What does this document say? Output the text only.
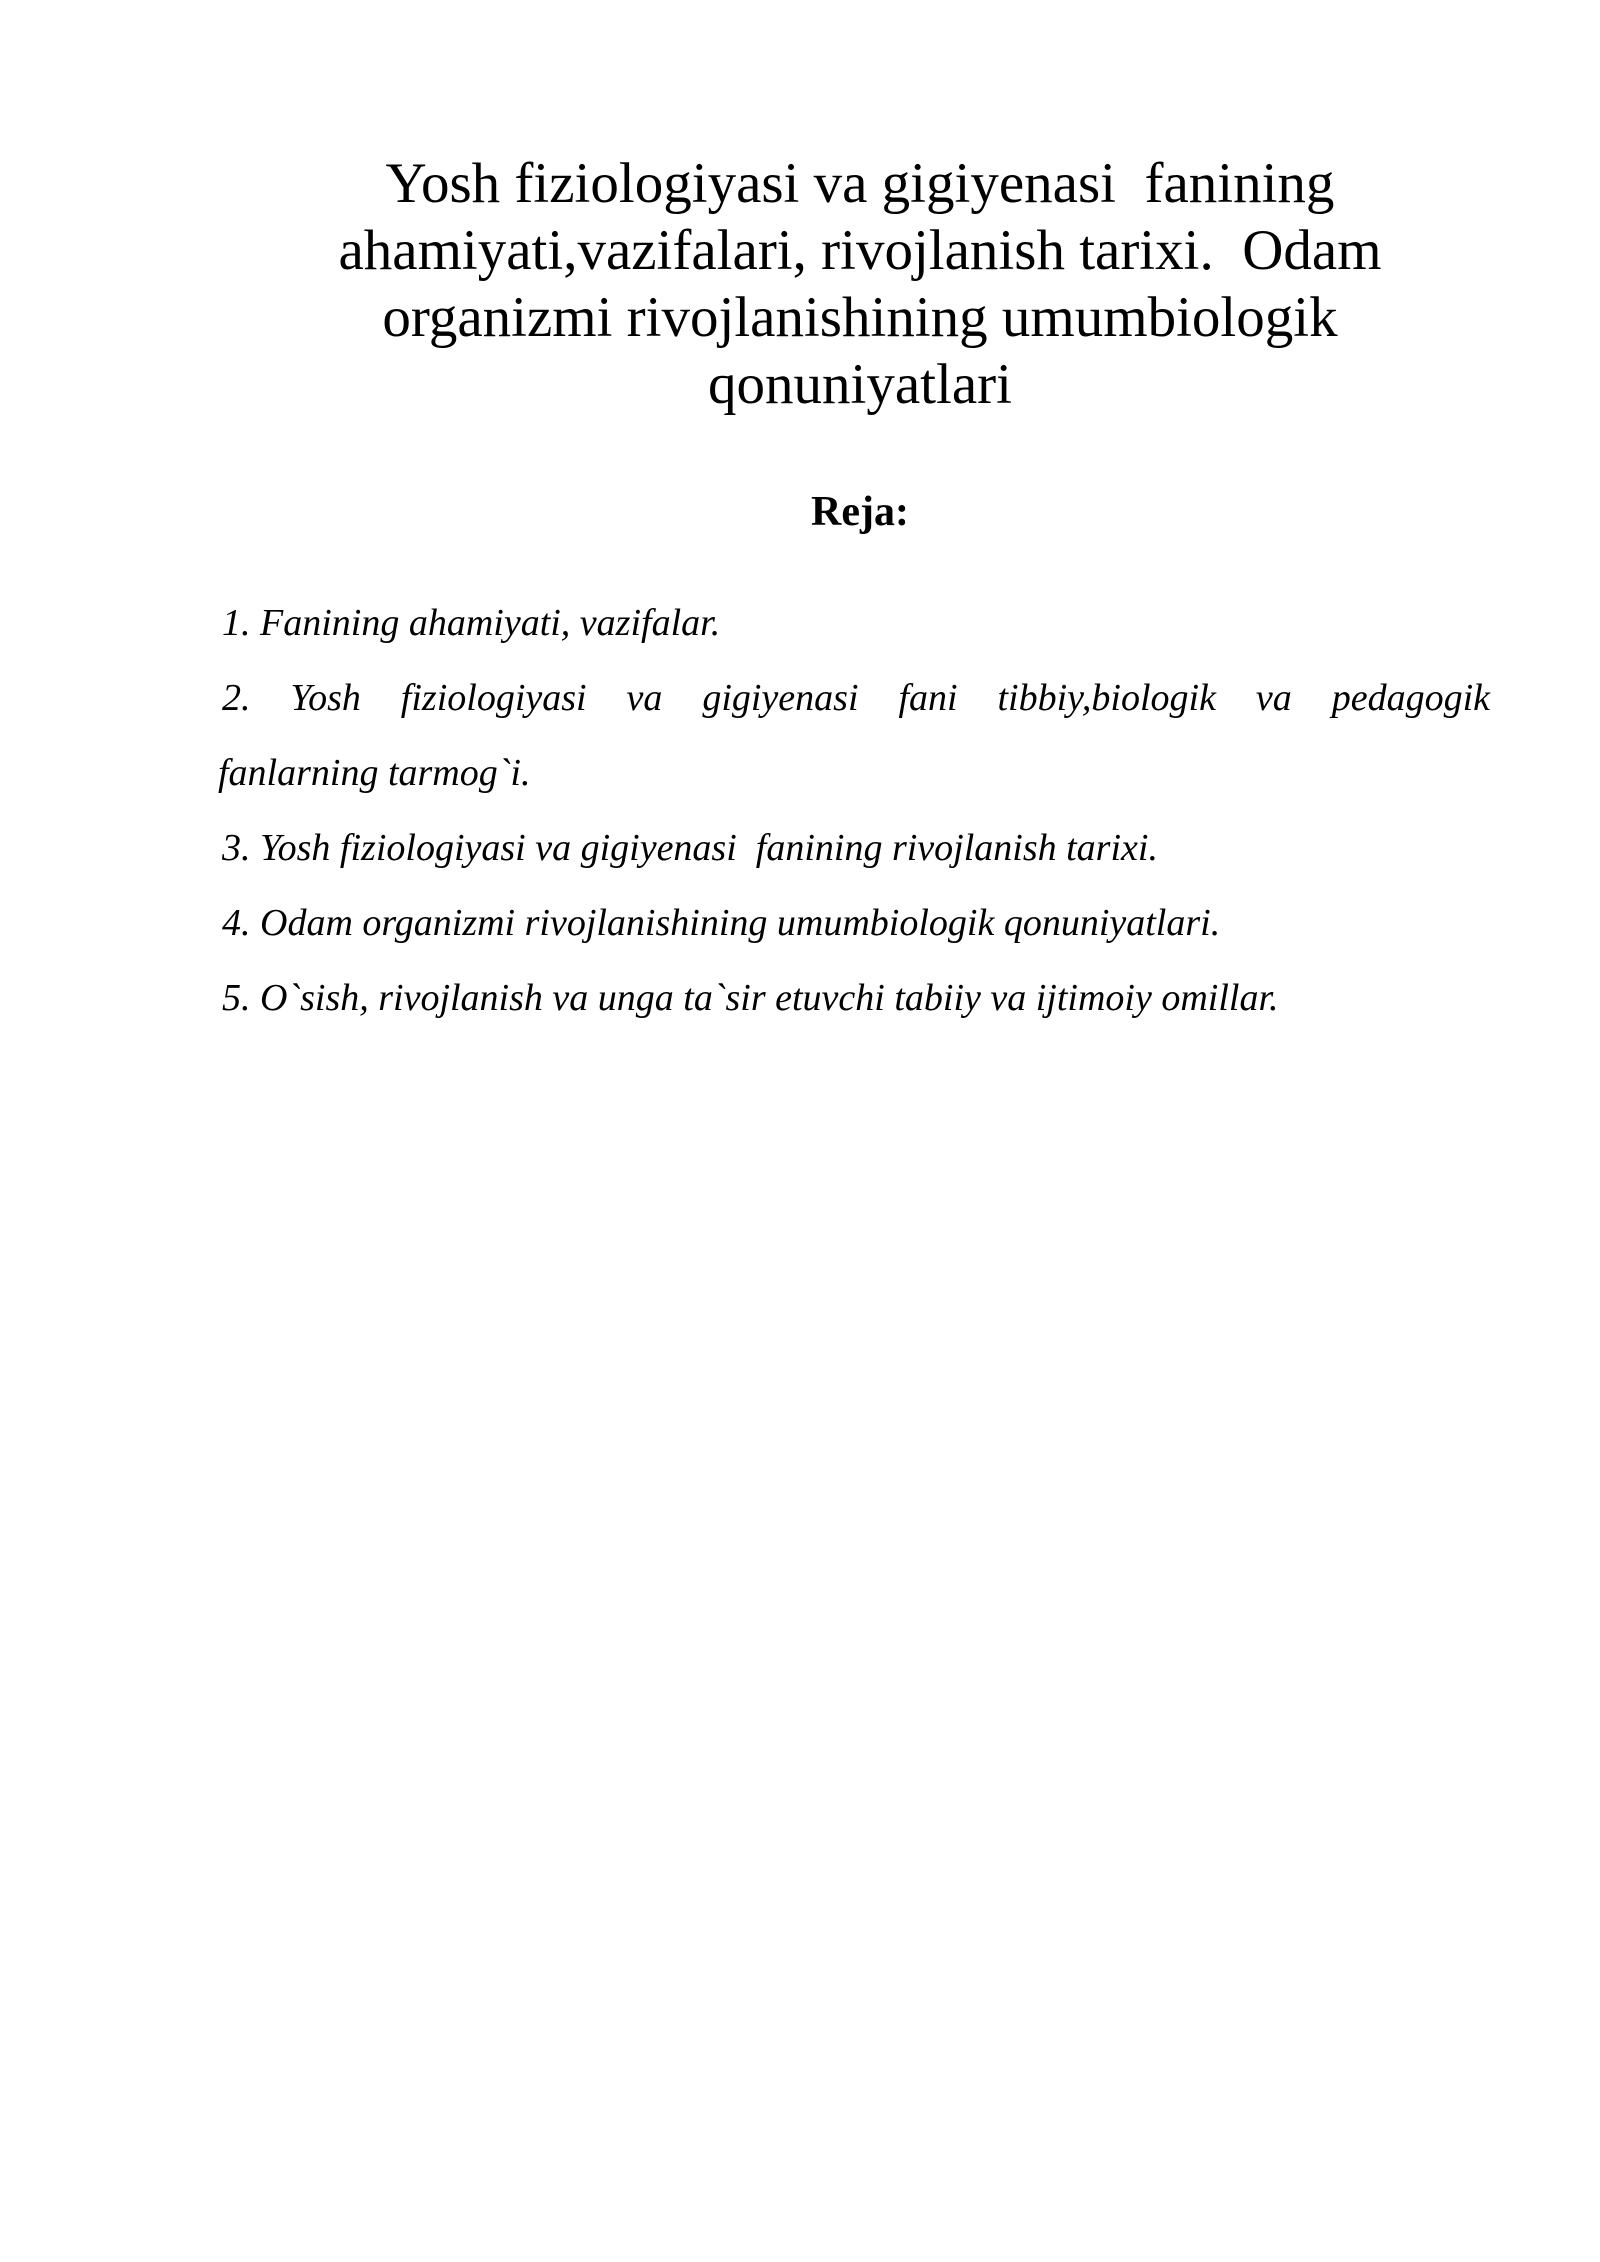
Yosh fiziologiyasi va gigiyenasi  fanining
ahamiyati,vazifalari, rivojlanish tarixi.  Odam
organizmi rivojlanishining umumbiologik
qonuniyatlari
Reja:
1. Fanining ahamiyati, vazifalar.
2. Yosh fiziologiyasi va gigiyenasi fani tibbiy,biologik va pedagogik
fanlarning tarmog`i.
3. Yosh fiziologiyasi va gigiyenasi  fanining rivojlanish tarixi.
4. Odam organizmi rivojlanishining umumbiologik qonuniyatlari.
5. O`sish, rivojlanish va unga ta`sir etuvchi tabiiy va ijtimoiy omillar.
